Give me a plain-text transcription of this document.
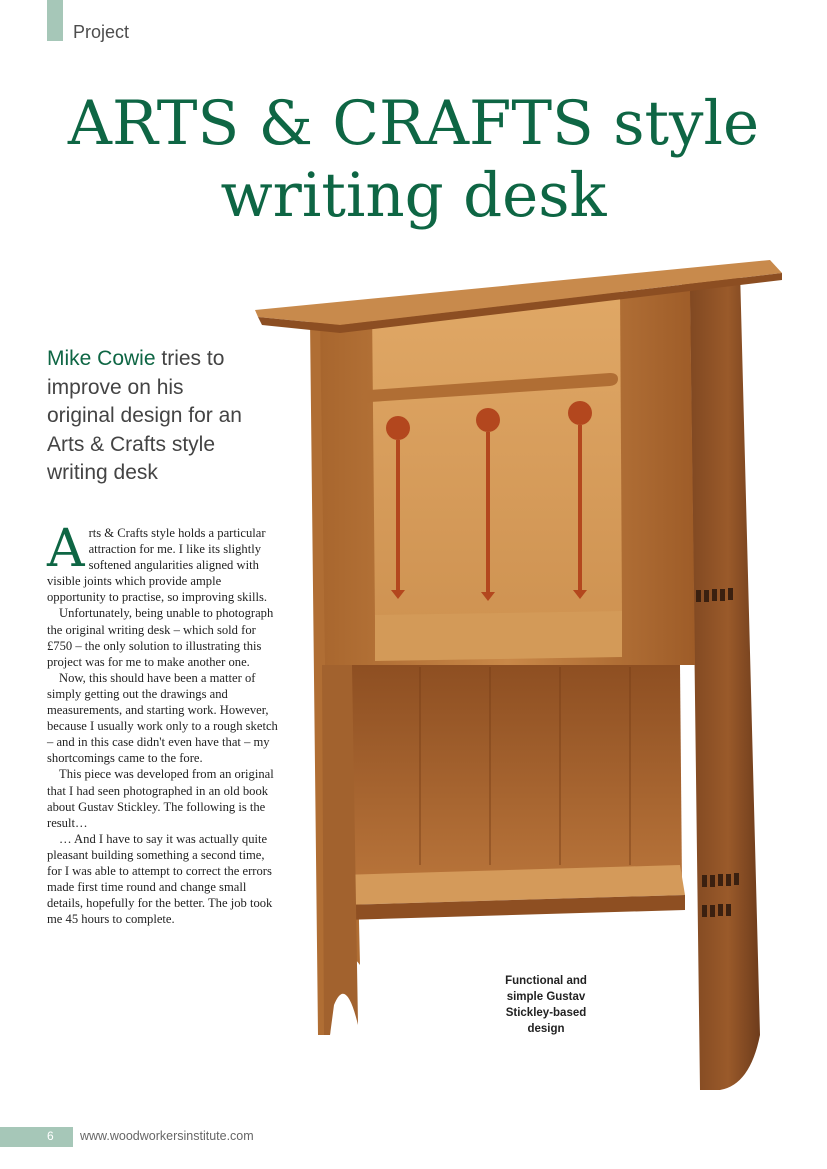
Project
ARTS & CRAFTS style
writing desk
Mike Cowie tries to improve on his original design for an Arts & Crafts style writing desk

Arts & Crafts style holds a particular attraction for me. I like its slightly softened angularities aligned with visible joints which provide ample opportunity to practise, so improving skills.

Unfortunately, being unable to photograph the original writing desk – which sold for £750 – the only solution to illustrating this project was for me to make another one.

Now, this should have been a matter of simply getting out the drawings and measurements, and starting work. However, because I usually work only to a rough sketch – and in this case didn't even have that – my shortcomings came to the fore.

This piece was developed from an original that I had seen photographed in an old book about Gustav Stickley. The following is the result…

… And I have to say it was actually quite pleasant building something a second time, for I was able to attempt to correct the errors made first time round and change small details, hopefully for the better. The job took me 45 hours to complete.

Functional and simple Gustav Stickley-based design
6 www.woodworkersinstitute.com
